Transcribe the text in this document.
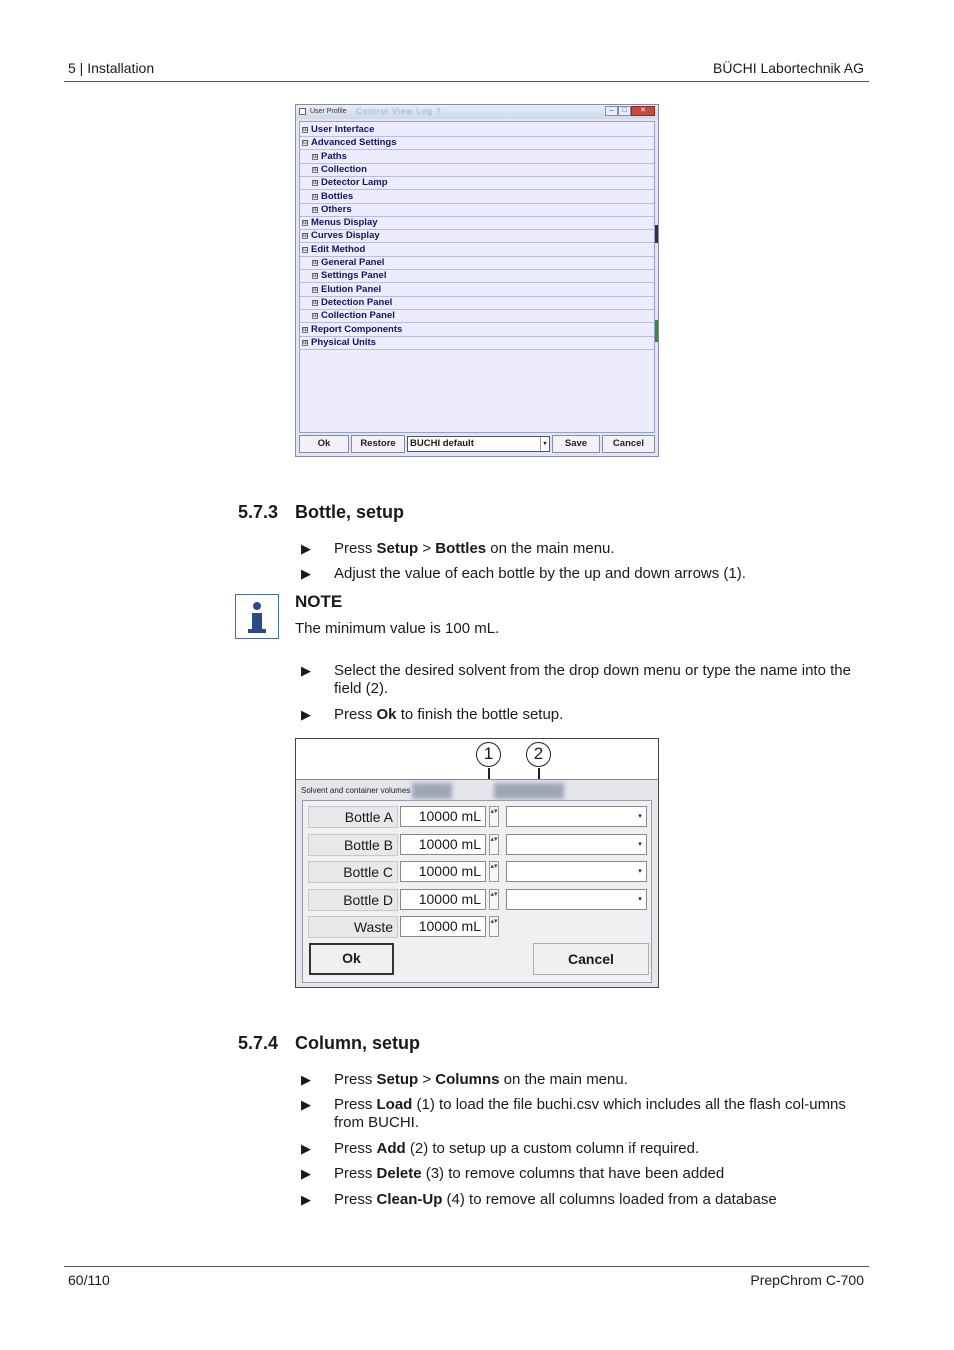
5 | Installation	BÜCHI Labortechnik AG
User Profile Control View Log ?	–	□	✕
⊞ User Interface
⊟ Advanced Settings
⊞ Paths
⊞ Collection
⊞ Detector Lamp
⊞ Bottles
⊞ Others
⊞ Menus Display
⊞ Curves Display
⊟ Edit Method
⊞ General Panel
⊞ Settings Panel
⊞ Elution Panel
⊞ Detection Panel
⊞ Collection Panel
⊞ Report Components
⊞ Physical Units
Ok	Restore	BUCHI default	▾	Save	Cancel
5.7.3 Bottle, setup
▶ Press Setup > Bottles on the main menu.
▶ Adjust the value of each bottle by the up and down arrows (1).
NOTE
The minimum value is 100 mL.
▶ Select the desired solvent from the drop down menu or type the name into the field (2).
▶ Press Ok to finish the bottle setup.
1	2
Solvent and container volumes
Ok	Cancel
Bottle A	10000 mL	▴▾
▾
Bottle B	10000 mL	▴▾
▾
Bottle C	10000 mL	▴▾
▾
Bottle D	10000 mL	▴▾
▾
Waste	10000 mL	▴▾
5.7.4 Column, setup
▶ Press Setup > Columns on the main menu.
▶ Press Load (1) to load the file buchi.csv which includes all the flash col-umns from BUCHI.
▶ Press Add (2) to setup up a custom column if required.
▶ Press Delete (3) to remove columns that have been added
▶ Press Clean-Up (4) to remove all columns loaded from a database
60/110	PrepChrom C-700
